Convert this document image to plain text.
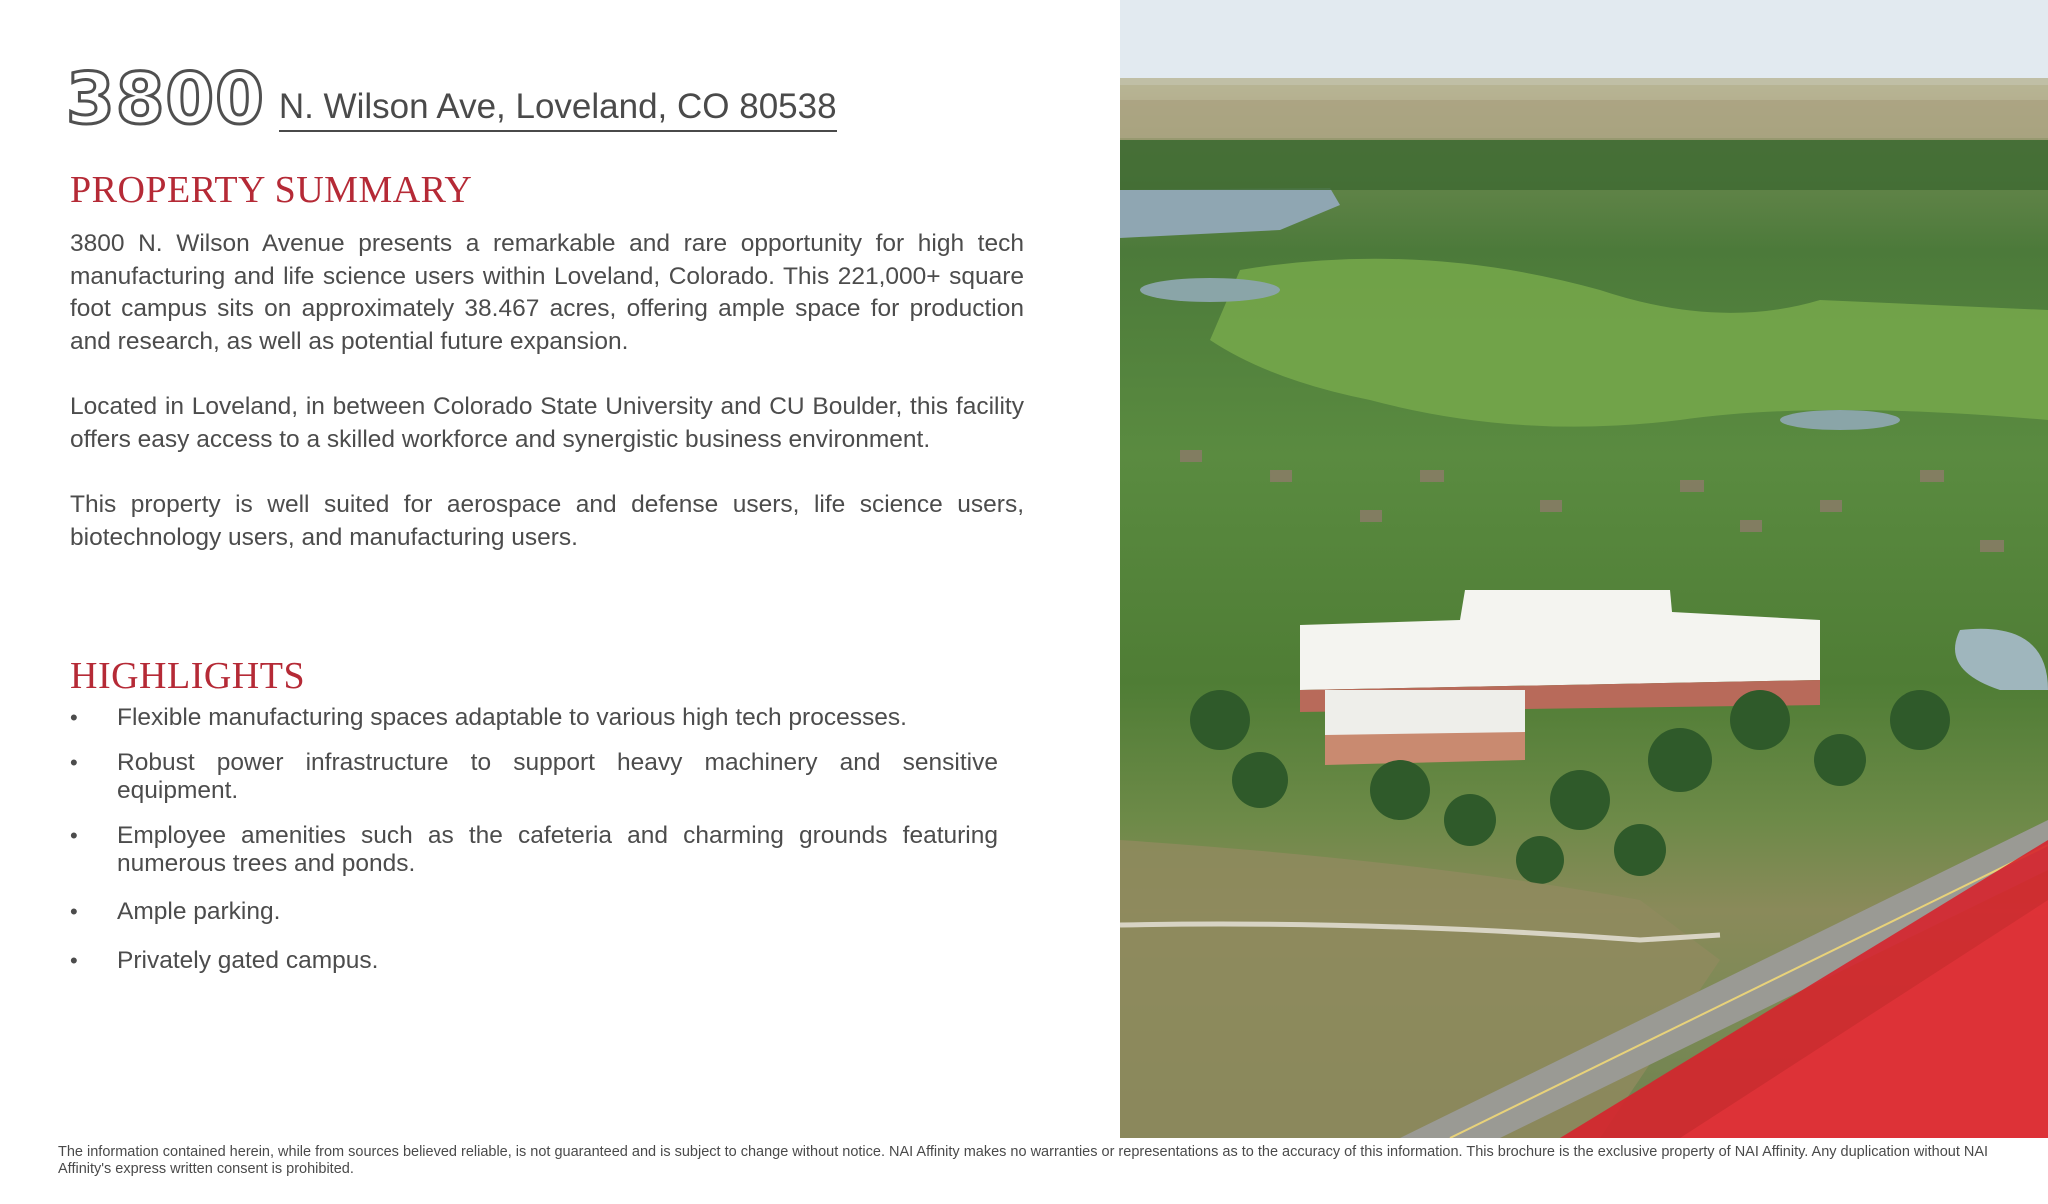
3800 N. Wilson Ave, Loveland, CO 80538
PROPERTY SUMMARY

3800 N. Wilson Avenue presents a remarkable and rare opportunity for high tech manufacturing and life science users within Loveland, Colorado. This 221,000+ square foot campus sits on approximately 38.467 acres, offering ample space for production and research, as well as potential future expansion.

Located in Loveland, in between Colorado State University and CU Boulder, this facility offers easy access to a skilled workforce and synergistic business environment.

This property is well suited for aerospace and defense users, life science users, biotechnology users, and manufacturing users.

HIGHLIGHTS
• Flexible manufacturing spaces adaptable to various high tech processes.
• Robust power infrastructure to support heavy machinery and sensitive equipment.
• Employee amenities such as the cafeteria and charming grounds featuring numerous trees and ponds.
• Ample parking.
• Privately gated campus.
The information contained herein, while from sources believed reliable, is not guaranteed and is subject to change without notice. NAI Affinity makes no warranties or representations as to the accuracy of this information. This brochure is the exclusive property of NAI Affinity. Any duplication without NAI Affinity's express written consent is prohibited.
